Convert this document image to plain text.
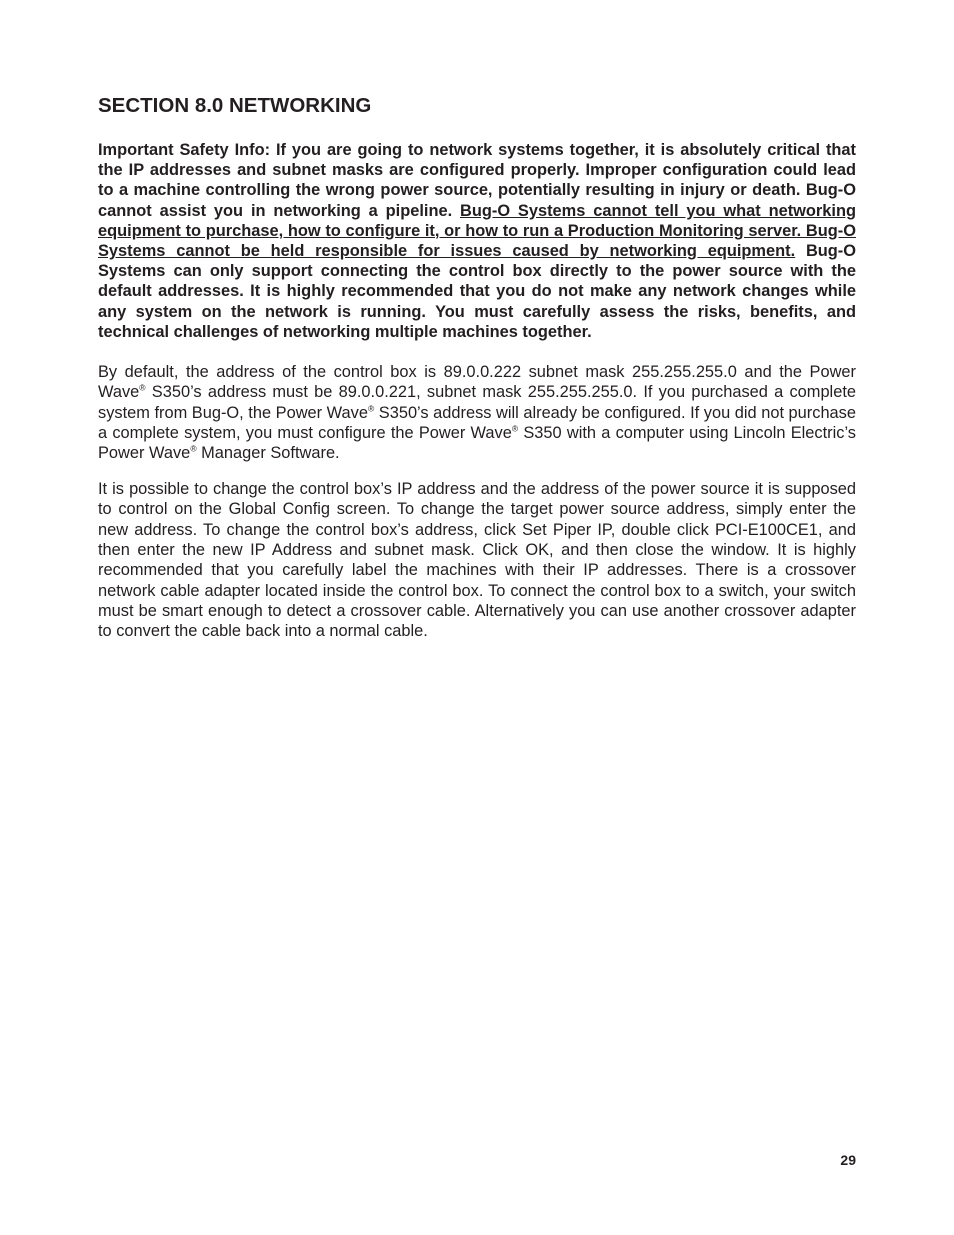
SECTION 8.0 NETWORKING

Important Safety Info: If you are going to network systems together, it is absolutely critical that the IP addresses and subnet masks are configured properly. Improper configuration could lead to a machine controlling the wrong power source, potentially resulting in injury or death. Bug-O cannot assist you in networking a pipeline. Bug-O Systems cannot tell you what networking equipment to purchase, how to configure it, or how to run a Production Monitoring server. Bug-O Systems cannot be held responsible for issues caused by networking equipment. Bug-O Systems can only support connecting the control box directly to the power source with the default addresses. It is highly recommended that you do not make any network changes while any system on the network is running. You must carefully assess the risks, benefits, and technical challenges of networking multiple machines together.

By default, the address of the control box is 89.0.0.222 subnet mask 255.255.255.0 and the Power Wave® S350’s address must be 89.0.0.221, subnet mask 255.255.255.0. If you purchased a complete system from Bug-O, the Power Wave® S350’s address will already be configured. If you did not purchase a complete system, you must configure the Power Wave® S350 with a computer using Lincoln Electric’s Power Wave® Manager Software.

It is possible to change the control box’s IP address and the address of the power source it is supposed to control on the Global Config screen. To change the target power source address, simply enter the new address. To change the control box’s address, click Set Piper IP, double click PCI-E100CE1, and then enter the new IP Address and subnet mask. Click OK, and then close the window. It is highly recommended that you carefully label the machines with their IP addresses. There is a crossover network cable adapter located inside the control box. To connect the control box to a switch, your switch must be smart enough to detect a crossover cable. Alternatively you can use another crossover adapter to convert the cable back into a normal cable.

29
